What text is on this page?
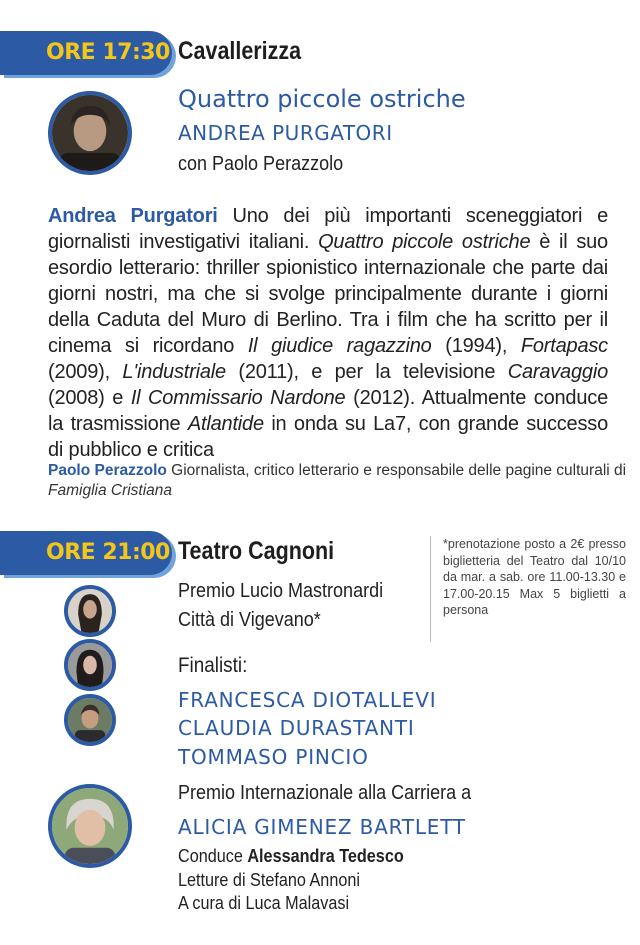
ORE 17:30 Cavallerizza
Quattro piccole ostriche
ANDREA PURGATORI
con Paolo Perazzolo
Andrea Purgatori Uno dei più importanti sceneggiatori e giornalisti investigativi italiani. Quattro piccole ostriche è il suo esordio letterario: thriller spionistico internazionale che parte dai giorni nostri, ma che si svolge principalmente durante i giorni della Caduta del Muro di Berlino. Tra i film che ha scritto per il cinema si ricordano Il giudice ragazzino (1994), Fortapasc (2009), L'industriale (2011), e per la televisione Caravaggio (2008) e Il Commissario Nardone (2012). Attualmente conduce la trasmissione Atlantide in onda su La7, con grande successo di pubblico e critica
Paolo Perazzolo Giornalista, critico letterario e responsabile delle pagine culturali di Famiglia Cristiana
ORE 21:00 Teatro Cagnoni	*prenotazione posto a 2€ presso biglietteria del Teatro dal 10/10 da mar. a sab. ore 11.00-13.30 e 17.00-20.15 Max 5 biglietti a persona
Premio Lucio Mastronardi
Città di Vigevano*
Finalisti:
FRANCESCA DIOTALLEVI
CLAUDIA DURASTANTI
TOMMASO PINCIO
Premio Internazionale alla Carriera a
ALICIA GIMENEZ BARTLETT
Conduce Alessandra Tedesco
Letture di Stefano Annoni
A cura di Luca Malavasi
